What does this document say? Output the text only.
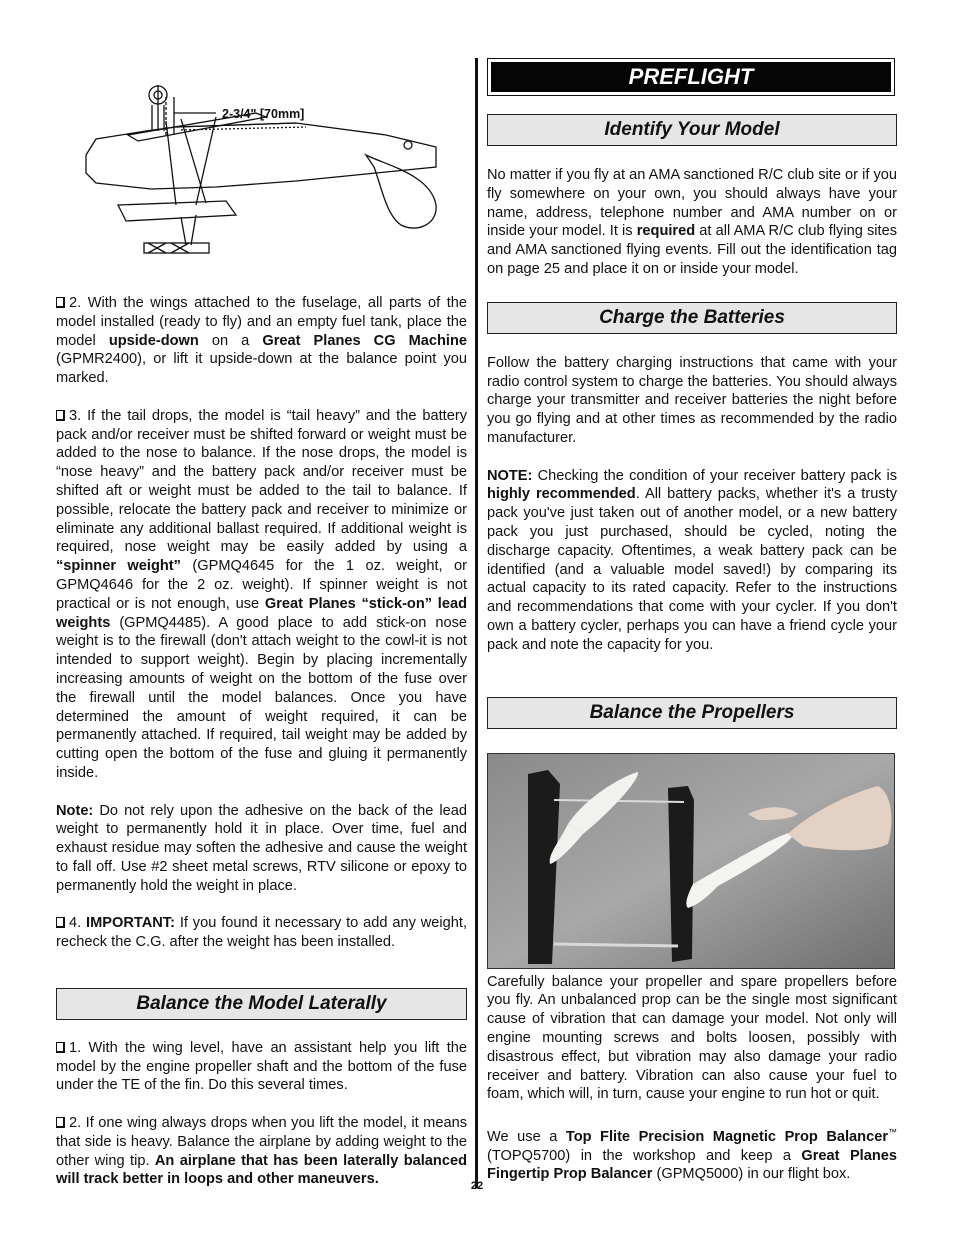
2-3/4" [70mm]

2. With the wings attached to the fuselage, all parts of the model installed (ready to fly) and an empty fuel tank, place the model upside-down on a Great Planes CG Machine (GPMR2400), or lift it upside-down at the balance point you marked.

3. If the tail drops, the model is “tail heavy” and the battery pack and/or receiver must be shifted forward or weight must be added to the nose to balance. If the nose drops, the model is “nose heavy” and the battery pack and/or receiver must be shifted aft or weight must be added to the tail to balance. If possible, relocate the battery pack and receiver to minimize or eliminate any additional ballast required. If additional weight is required, nose weight may be easily added by using a “spinner weight” (GPMQ4645 for the 1 oz. weight, or GPMQ4646 for the 2 oz. weight). If spinner weight is not practical or is not enough, use Great Planes “stick-on” lead weights (GPMQ4485). A good place to add stick-on nose weight is to the firewall (don't attach weight to the cowl-it is not intended to support weight). Begin by placing incrementally increasing amounts of weight on the bottom of the fuse over the firewall until the model balances. Once you have determined the amount of weight required, it can be permanently attached. If required, tail weight may be added by cutting open the bottom of the fuse and gluing it permanently inside.

Note: Do not rely upon the adhesive on the back of the lead weight to permanently hold it in place. Over time, fuel and exhaust residue may soften the adhesive and cause the weight to fall off. Use #2 sheet metal screws, RTV silicone or epoxy to permanently hold the weight in place.

4. IMPORTANT: If you found it necessary to add any weight, recheck the C.G. after the weight has been installed.

Balance the Model Laterally

1. With the wing level, have an assistant help you lift the model by the engine propeller shaft and the bottom of the fuse under the TE of the fin. Do this several times.

2. If one wing always drops when you lift the model, it means that side is heavy. Balance the airplane by adding weight to the other wing tip. An airplane that has been laterally balanced will track better in loops and other maneuvers.

PREFLIGHT
Identify Your Model

No matter if you fly at an AMA sanctioned R/C club site or if you fly somewhere on your own, you should always have your name, address, telephone number and AMA number on or inside your model. It is required at all AMA R/C club flying sites and AMA sanctioned flying events. Fill out the identification tag on page 25 and place it on or inside your model.

Charge the Batteries

Follow the battery charging instructions that came with your radio control system to charge the batteries. You should always charge your transmitter and receiver batteries the night before you go flying and at other times as recommended by the radio manufacturer.

NOTE: Checking the condition of your receiver battery pack is highly recommended. All battery packs, whether it's a trusty pack you've just taken out of another model, or a new battery pack you just purchased, should be cycled, noting the discharge capacity. Oftentimes, a weak battery pack can be identified (and a valuable model saved!) by comparing its actual capacity to its rated capacity. Refer to the instructions and recommendations that come with your cycler. If you don't own a battery cycler, perhaps you can have a friend cycle your pack and note the capacity for you.

Balance the Propellers

Carefully balance your propeller and spare propellers before you fly. An unbalanced prop can be the single most significant cause of vibration that can damage your model. Not only will engine mounting screws and bolts loosen, possibly with disastrous effect, but vibration may also damage your radio receiver and battery. Vibration can also cause your fuel to foam, which will, in turn, cause your engine to run hot or quit.

We use a Top Flite Precision Magnetic Prop Balancer™ (TOPQ5700) in the workshop and keep a Great Planes Fingertip Prop Balancer (GPMQ5000) in our flight box.

22
